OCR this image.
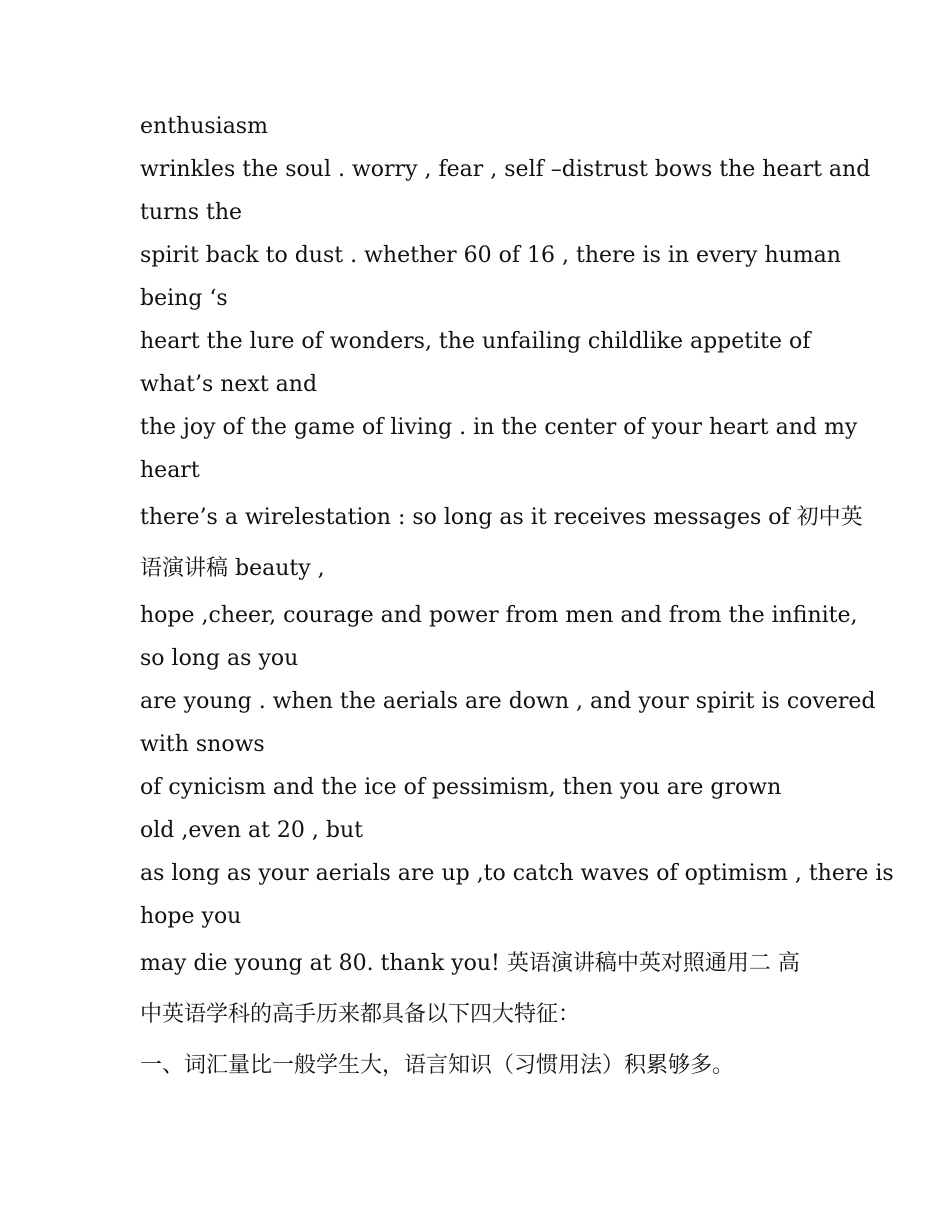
enthusiasm
wrinkles the soul . worry , fear , self –distrust bows the heart and
turns the
spirit back to dust . whether 60 of 16 , there is in every human
being ‘s
heart the lure of wonders, the unfailing childlike appetite of
what’s next and
the joy of the game of living . in the center of your heart and my
heart
there’s a wirelestation : so long as it receives messages of 初中英
语演讲稿 beauty ,
hope ,cheer, courage and power from men and from the infinite,
so long as you
are young . when the aerials are down , and your spirit is covered
with snows
of cynicism and the ice of pessimism, then you are grown
old ,even at 20 , but
as long as your aerials are up ,to catch waves of optimism , there is
hope you
may die young at 80. thank you! 英语演讲稿中英对照通用二 高
中英语学科的高手历来都具备以下四大特征：
一、词汇量比一般学生大，语言知识（习惯用法）积累够多。
